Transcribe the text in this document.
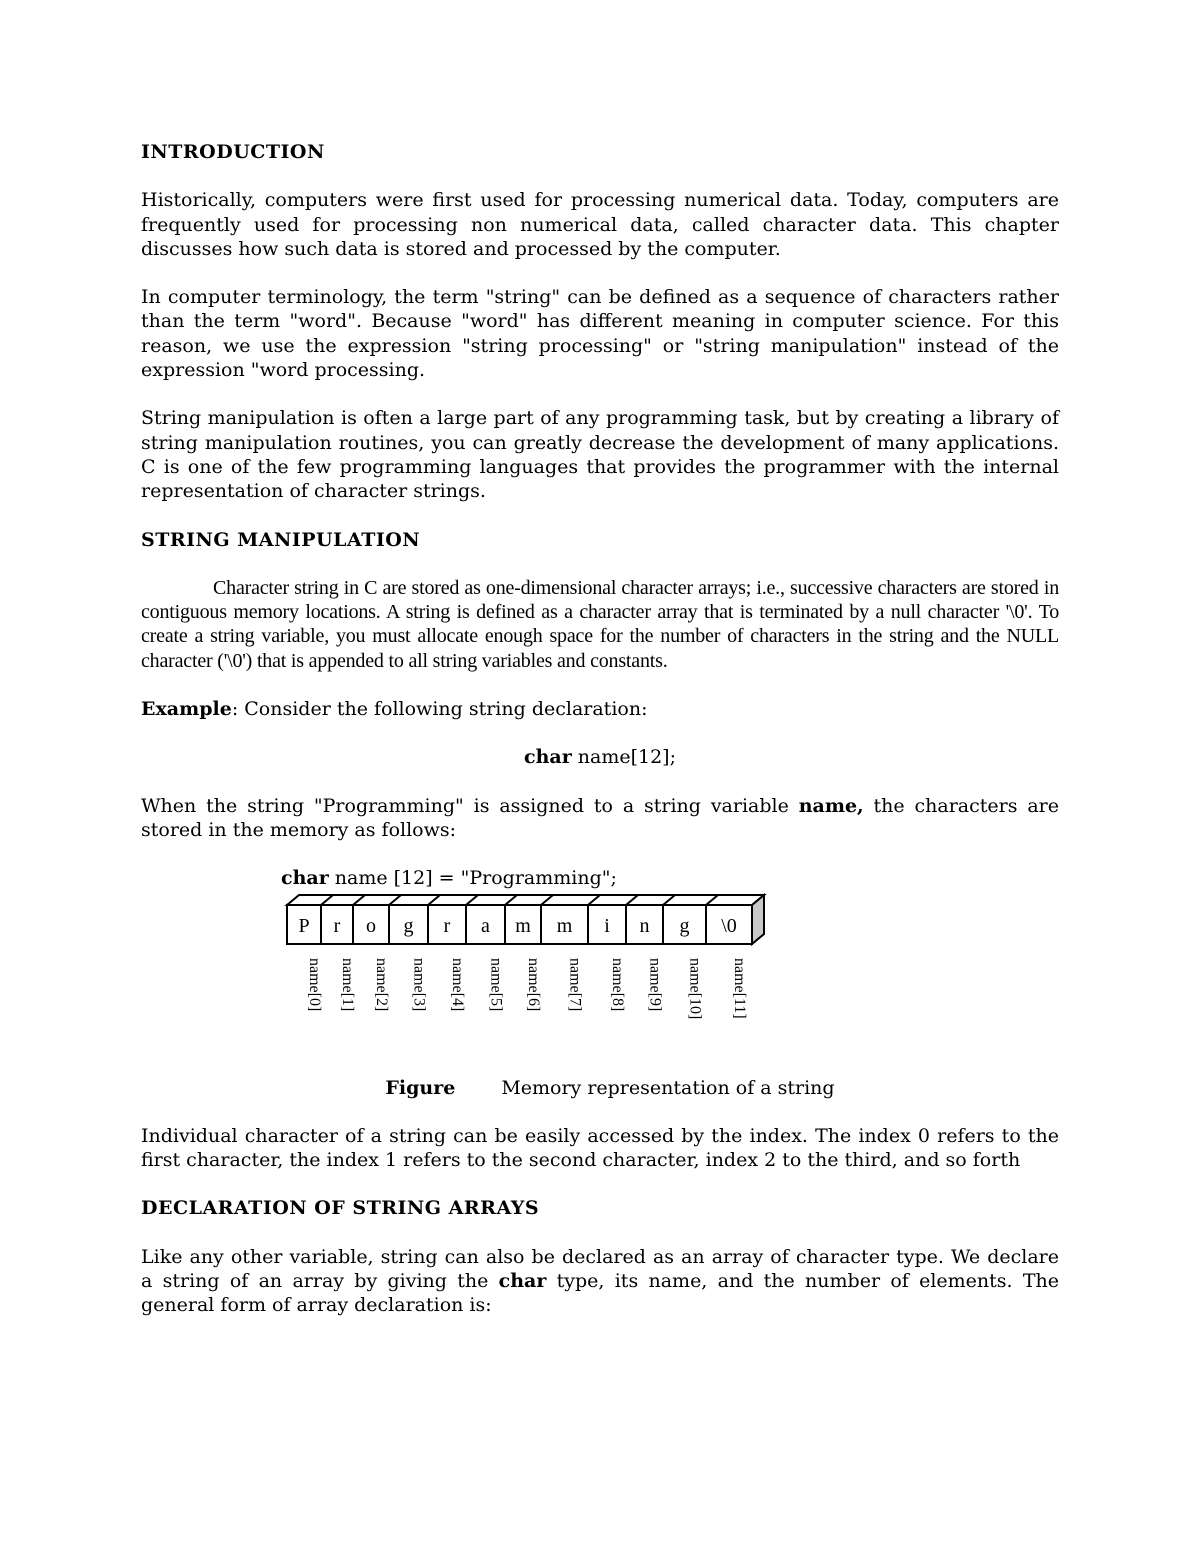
INTRODUCTION

Historically, computers were first used for processing numerical data. Today, computers are frequently used for processing non numerical data, called character data. This chapter discusses how such data is stored and processed by the computer.

In computer terminology, the term "string" can be defined as a sequence of characters rather than the term "word". Because "word" has different meaning in computer science. For this reason, we use the expression "string processing" or "string manipulation" instead of the expression "word processing.

String manipulation is often a large part of any programming task, but by creating a library of string manipulation routines, you can greatly decrease the development of many applications. C is one of the few programming languages that provides the programmer with the internal representation of character strings.

STRING MANIPULATION

Character string in C are stored as one-dimensional character arrays; i.e., successive characters are stored in contiguous memory locations. A string is defined as a character array that is terminated by a null character '\0'. To create a string variable, you must allocate enough space for the number of characters in the string and the NULL character ('\0') that is appended to all string variables and constants.

Example: Consider the following string declaration:

char name[12];

When the string "Programming" is assigned to a string variable name, the characters are stored in the memory as follows:

char name [12] = "Programming";

P r o g r a m m i n g \0
name[0] name[1] name[2] name[3] name[4] name[5] name[6] name[7] name[8] name[9] name[10] name[11]

Figure Memory representation of a string

Individual character of a string can be easily accessed by the index. The index 0 refers to the first character, the index 1 refers to the second character, index 2 to the third, and so forth

DECLARATION OF STRING ARRAYS

Like any other variable, string can also be declared as an array of character type. We declare a string of an array by giving the char type, its name, and the number of elements. The general form of array declaration is:
